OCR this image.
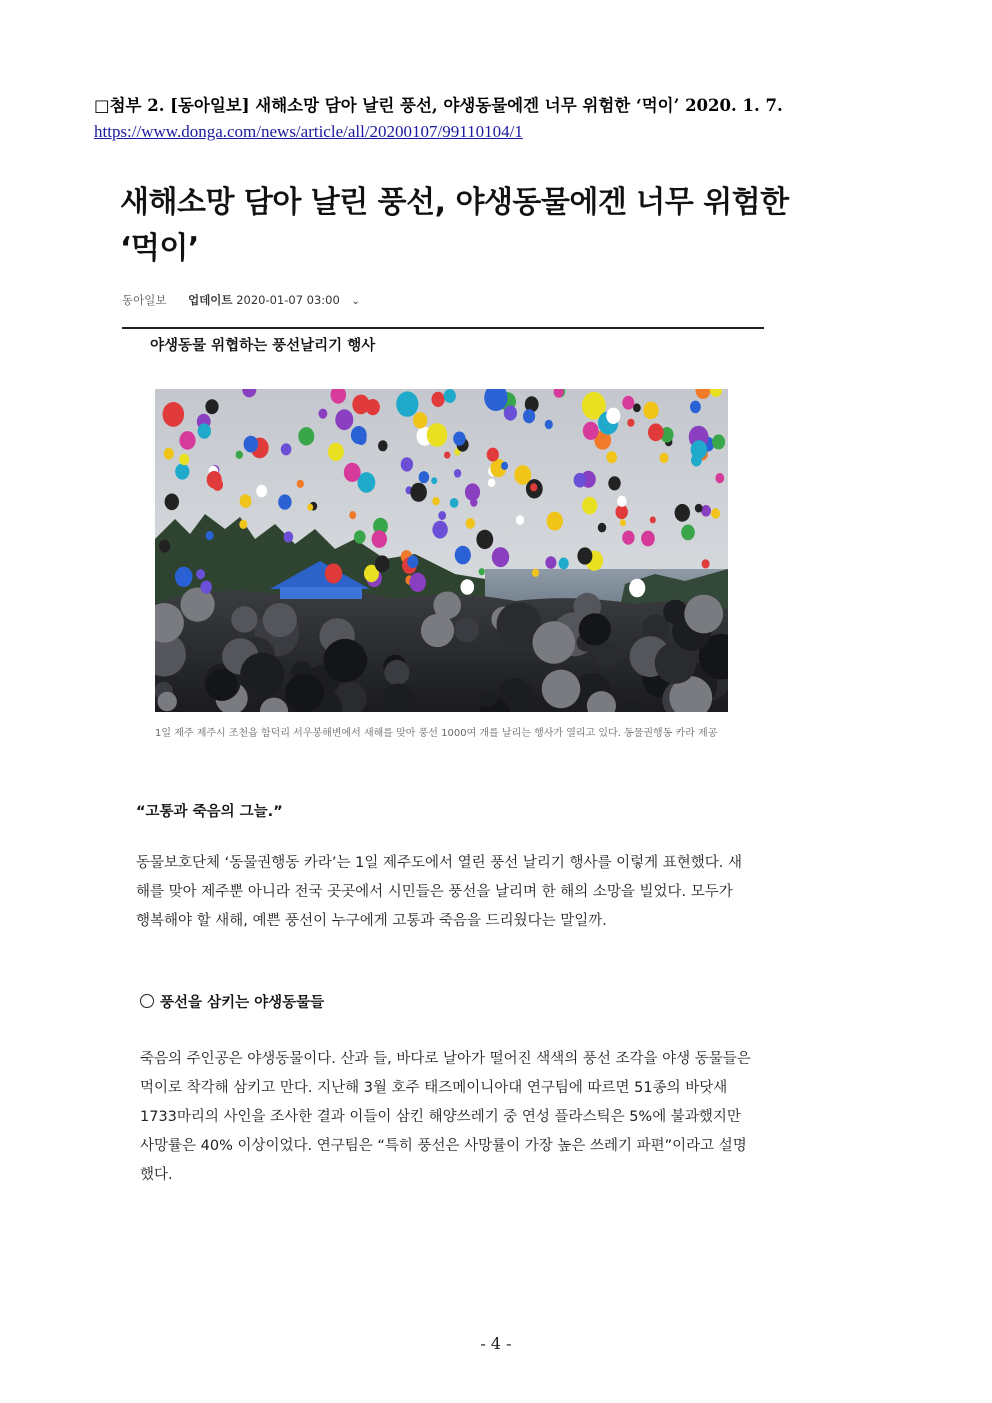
□첨부 2. [동아일보] 새해소망 담아 날린 풍선, 야생동물에겐 너무 위험한 ‘먹이’ 2020. 1. 7.
https://www.donga.com/news/article/all/20200107/99110104/1
새해소망 담아 날린 풍선, 야생동물에겐 너무 위험한
‘먹이’
동아일보 업데이트 2020-01-07 03:00 ⌄
야생동물 위협하는 풍선날리기 행사
1일 제주 제주시 조천읍 함덕리 서우봉해변에서 새해를 맞아 풍선 1000여 개를 날리는 행사가 열리고 있다. 동물권행동 카라 제공
“고통과 죽음의 그늘.”
동물보호단체 ‘동물권행동 카라’는 1일 제주도에서 열린 풍선 날리기 행사를 이렇게 표현했다. 새해를 맞아 제주뿐 아니라 전국 곳곳에서 시민들은 풍선을 날리며 한 해의 소망을 빌었다. 모두가 행복해야 할 새해, 예쁜 풍선이 누구에게 고통과 죽음을 드리웠다는 말일까.
풍선을 삼키는 야생동물들
죽음의 주인공은 야생동물이다. 산과 들, 바다로 날아가 떨어진 색색의 풍선 조각을 야생 동물들은 먹이로 착각해 삼키고 만다. 지난해 3월 호주 태즈메이니아대 연구팀에 따르면 51종의 바닷새 1733마리의 사인을 조사한 결과 이들이 삼킨 해양쓰레기 중 연성 플라스틱은 5%에 불과했지만 사망률은 40% 이상이었다. 연구팀은 “특히 풍선은 사망률이 가장 높은 쓰레기 파편”이라고 설명했다.
- 4 -
